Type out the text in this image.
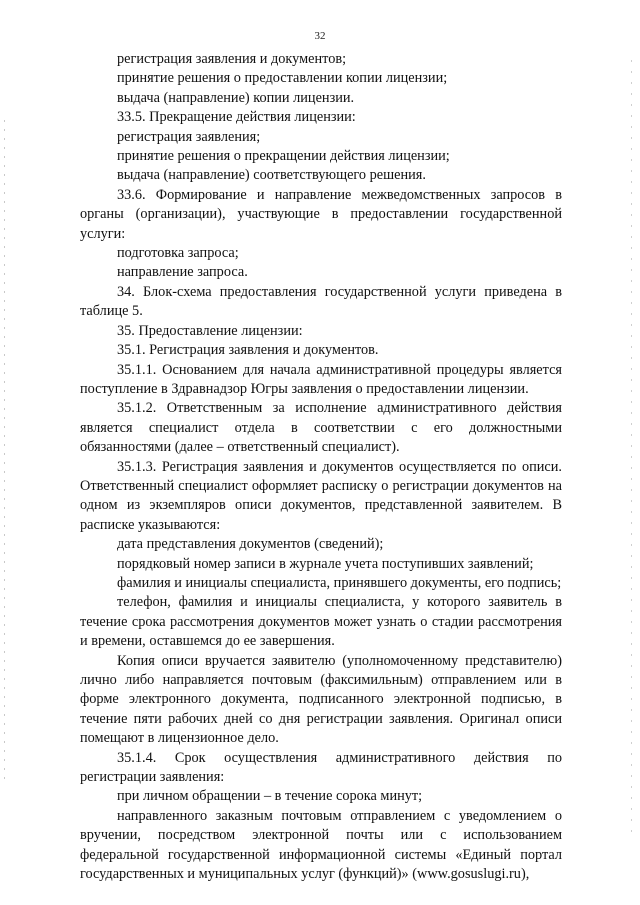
32

регистрация заявления и документов;

принятие решения о предоставлении копии лицензии;

выдача (направление) копии лицензии.

33.5. Прекращение действия лицензии:

регистрация заявления;

принятие решения о прекращении действия лицензии;

выдача (направление) соответствующего решения.

33.6. Формирование и направление межведомственных запросов в органы (организации), участвующие в предоставлении государственной услуги:

подготовка запроса;

направление запроса.

34. Блок-схема предоставления государственной услуги приведена в таблице 5.

35. Предоставление лицензии:

35.1. Регистрация заявления и документов.

35.1.1. Основанием для начала административной процедуры является поступление в Здравнадзор Югры заявления о предоставлении лицензии.

35.1.2. Ответственным за исполнение административного действия является специалист отдела в соответствии с его должностными обязанностями (далее – ответственный специалист).

35.1.3. Регистрация заявления и документов осуществляется по описи. Ответственный специалист оформляет расписку о регистрации документов на одном из экземпляров описи документов, представленной заявителем. В расписке указываются:

дата представления документов (сведений);

порядковый номер записи в журнале учета поступивших заявлений;

фамилия и инициалы специалиста, принявшего документы, его подпись;

телефон, фамилия и инициалы специалиста, у которого заявитель в течение срока рассмотрения документов может узнать о стадии рассмотрения и времени, оставшемся до ее завершения.

Копия описи вручается заявителю (уполномоченному представителю) лично либо направляется почтовым (факсимильным) отправлением или в форме электронного документа, подписанного электронной подписью, в течение пяти рабочих дней со дня регистрации заявления. Оригинал описи помещают в лицензионное дело.

35.1.4. Срок осуществления административного действия по регистрации заявления:

при личном обращении – в течение сорока минут;

направленного заказным почтовым отправлением с уведомлением о вручении, посредством электронной почты или с использованием федеральной государственной информационной системы «Единый портал государственных и муниципальных услуг (функций)» (www.gosuslugi.ru),
